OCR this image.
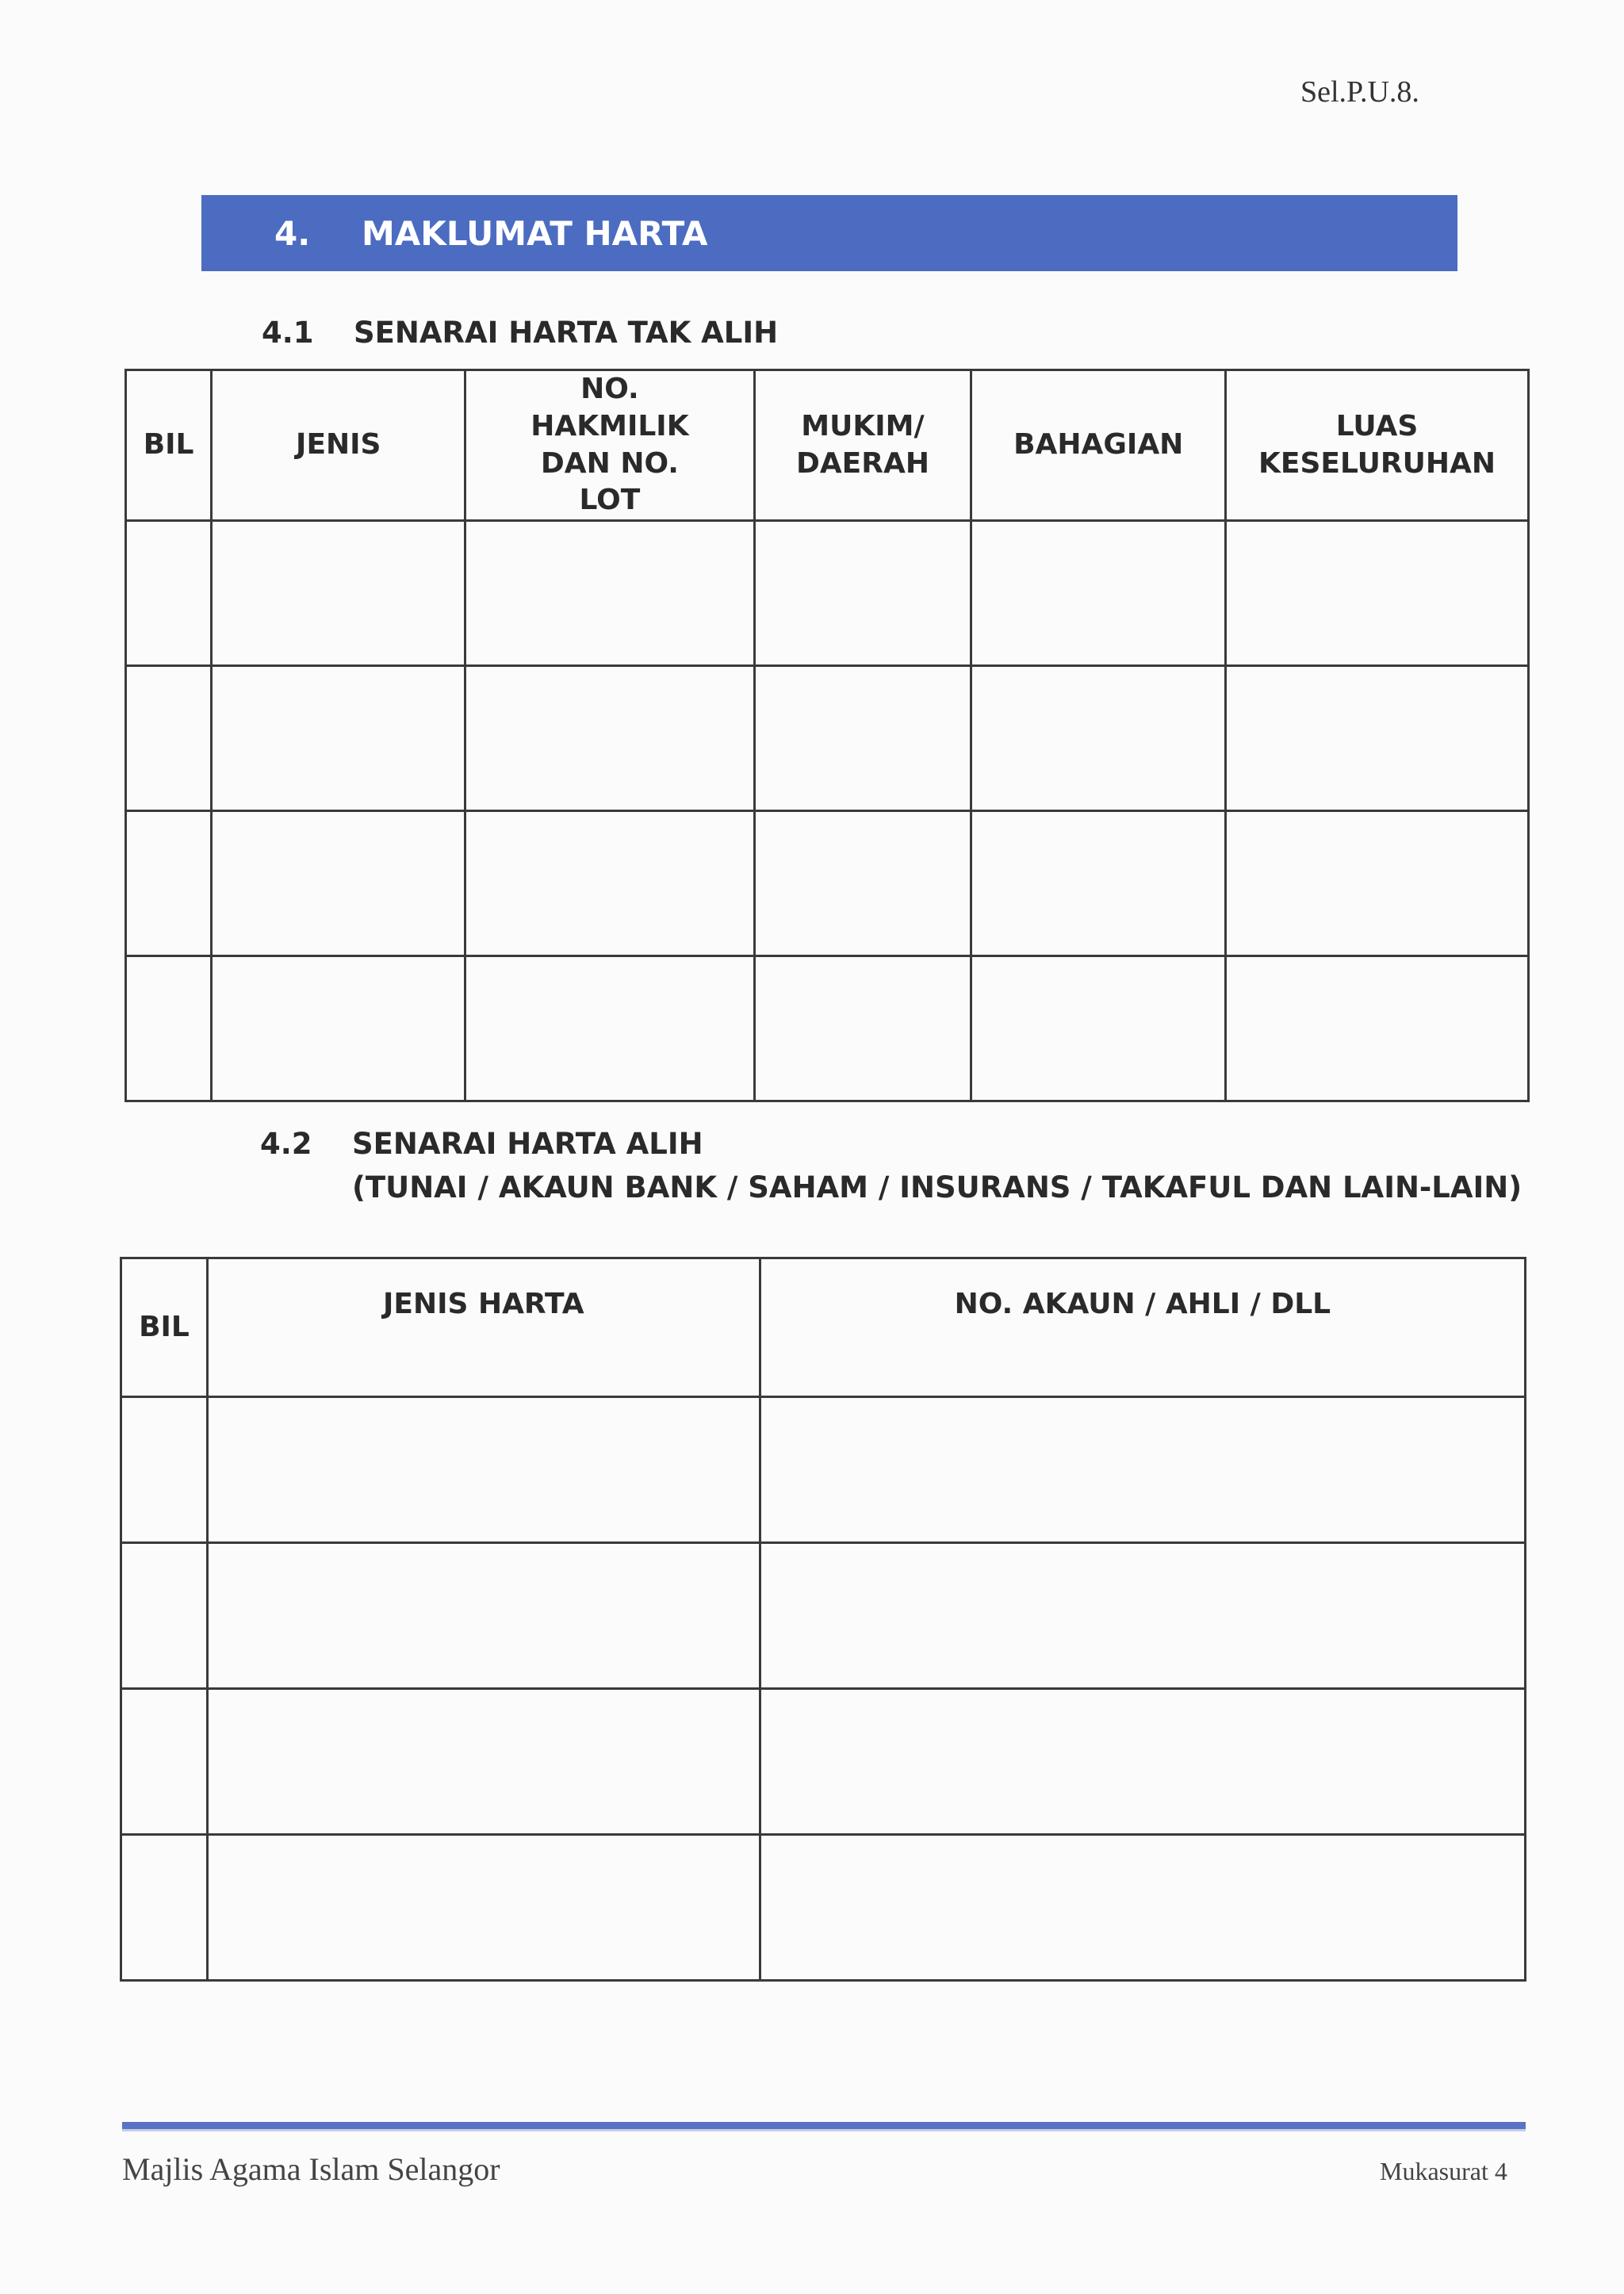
Sel.P.U.8.
4.	MAKLUMAT HARTA
4.1 SENARAI HARTA TAK ALIH
BIL	JENIS	NO. HAKMILIK DAN NO. LOT	MUKIM/ DAERAH	BAHAGIAN	LUAS KESELURUHAN

4.2 SENARAI HARTA ALIH
(TUNAI / AKAUN BANK / SAHAM / INSURANS / TAKAFUL DAN LAIN-LAIN)
BIL	JENIS HARTA	NO. AKAUN / AHLI / DLL

Majlis Agama Islam Selangor	Mukasurat 4
